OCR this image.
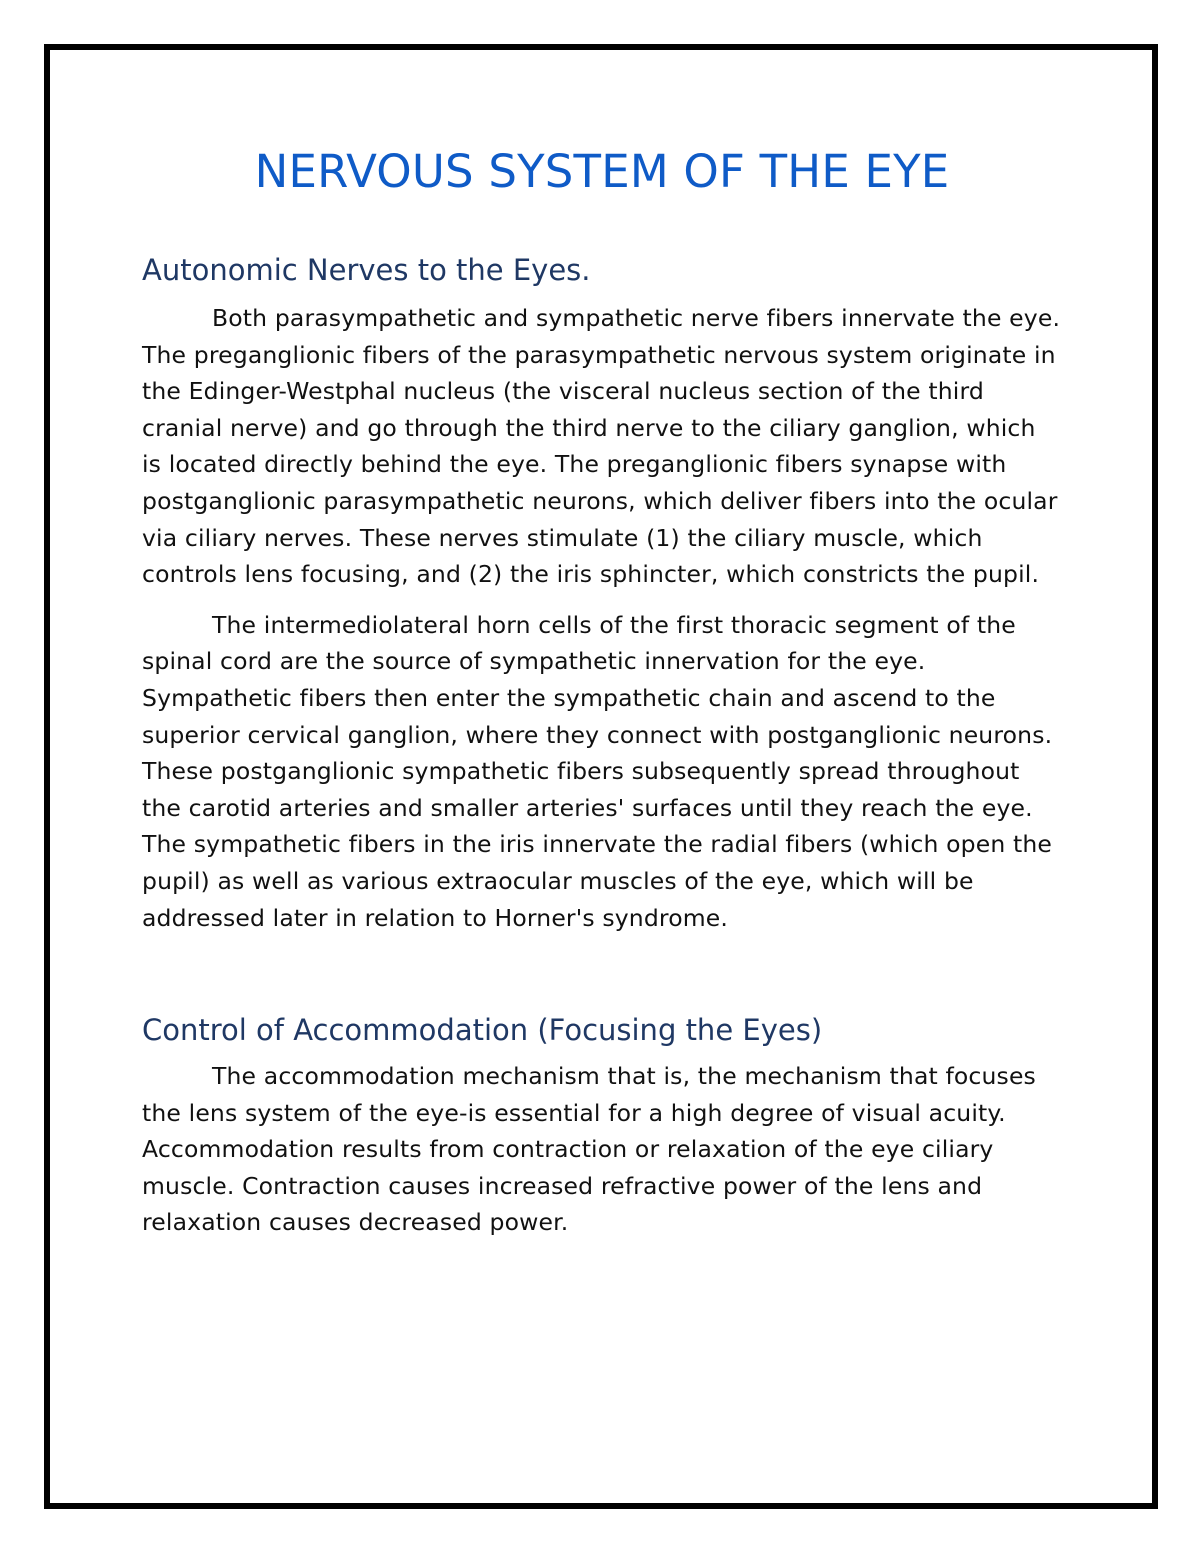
NERVOUS SYSTEM OF THE EYE
Autonomic Nerves to the Eyes.

Both parasympathetic and sympathetic nerve fibers innervate the eye. The preganglionic fibers of the parasympathetic nervous system originate in the Edinger-Westphal nucleus (the visceral nucleus section of the third cranial nerve) and go through the third nerve to the ciliary ganglion, which is located directly behind the eye. The preganglionic fibers synapse with postganglionic parasympathetic neurons, which deliver fibers into the ocular via ciliary nerves. These nerves stimulate (1) the ciliary muscle, which controls lens focusing, and (2) the iris sphincter, which constricts the pupil.

The intermediolateral horn cells of the first thoracic segment of the spinal cord are the source of sympathetic innervation for the eye. Sympathetic fibers then enter the sympathetic chain and ascend to the superior cervical ganglion, where they connect with postganglionic neurons. These postganglionic sympathetic fibers subsequently spread throughout the carotid arteries and smaller arteries' surfaces until they reach the eye. The sympathetic fibers in the iris innervate the radial fibers (which open the pupil) as well as various extraocular muscles of the eye, which will be addressed later in relation to Horner's syndrome.

Control of Accommodation (Focusing the Eyes)

The accommodation mechanism that is, the mechanism that focuses the lens system of the eye-is essential for a high degree of visual acuity. Accommodation results from contraction or relaxation of the eye ciliary muscle. Contraction causes increased refractive power of the lens and relaxation causes decreased power.
